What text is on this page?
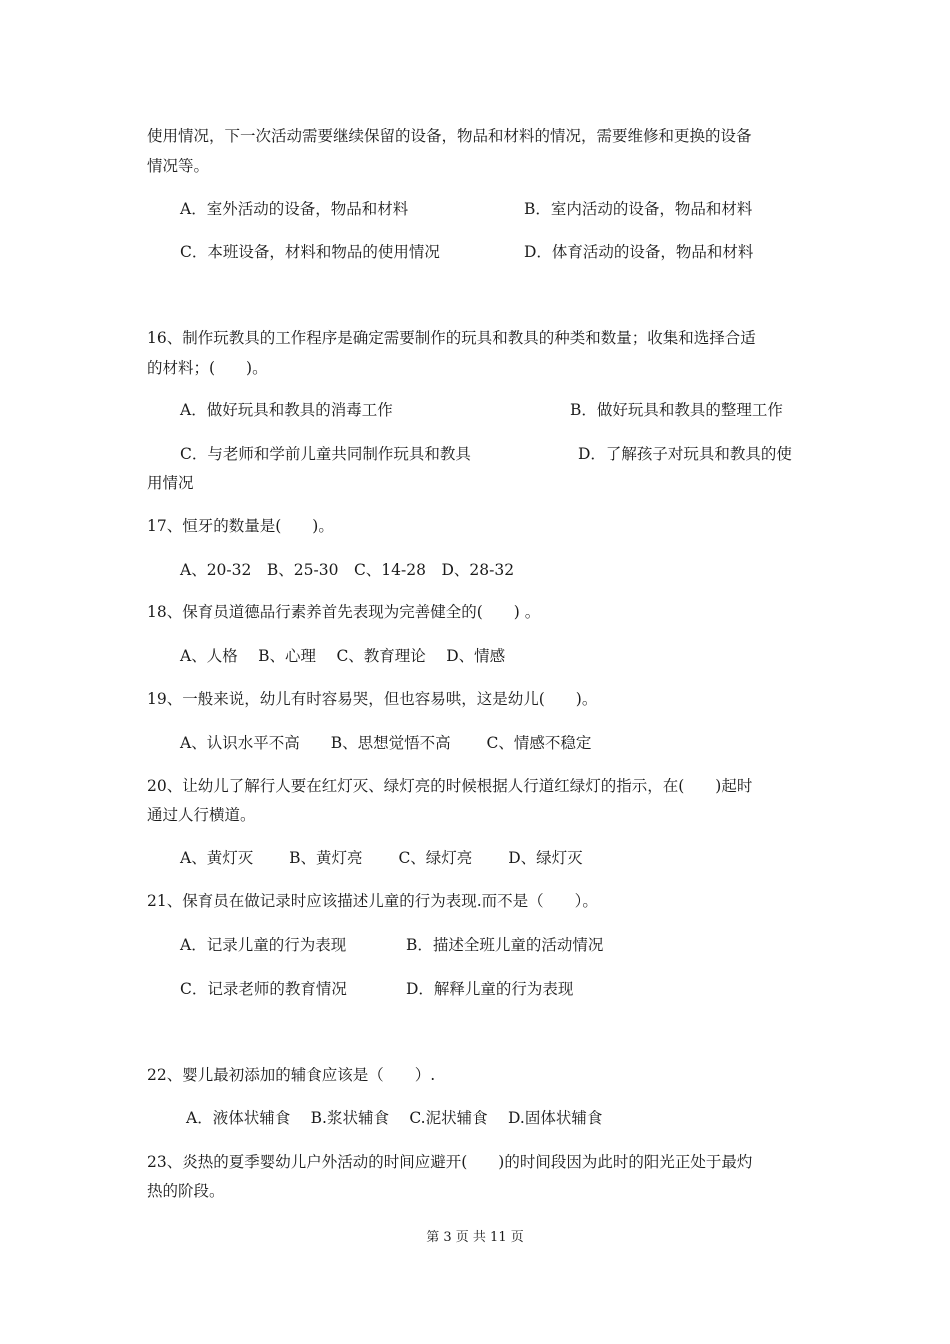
使用情况，下一次活动需要继续保留的设备，物品和材料的情况，需要维修和更换的设备
情况等。
A．室外活动的设备，物品和材料	B．室内活动的设备，物品和材料
C．本班设备，材料和物品的使用情况	D．体育活动的设备，物品和材料
16、制作玩教具的工作程序是确定需要制作的玩具和教具的种类和数量；收集和选择合适
的材料；(　　)。
A．做好玩具和教具的消毒工作	B．做好玩具和教具的整理工作
C．与老师和学前儿童共同制作玩具和教具	D．了解孩子对玩具和教具的使
用情况
17、恒牙的数量是(　　)。
A、20-32　B、25-30　C、14-28　D、28-32
18、保育员道德品行素养首先表现为完善健全的(　　) 。
A、人格　 B、心理　 C、教育理论　 D、情感
19、一般来说，幼儿有时容易哭，但也容易哄，这是幼儿(　　)。
A、认识水平不高　　B、思想觉悟不高　　 C、情感不稳定
20、让幼儿了解行人要在红灯灭、绿灯亮的时候根据人行道红绿灯的指示，在(　　)起时
通过人行横道。
A、黄灯灭　　 B、黄灯亮　　 C、绿灯亮　　 D、绿灯灭
21、保育员在做记录时应该描述儿童的行为表现.而不是（　　）。
A．记录儿童的行为表现	B．描述全班儿童的活动情况
C．记录老师的教育情况	D．解释儿童的行为表现
22、婴儿最初添加的辅食应该是（　　）.
A．液体状辅食　 B.浆状辅食　 C.泥状辅食　 D.固体状辅食
23、炎热的夏季婴幼儿户外活动的时间应避开(　　)的时间段因为此时的阳光正处于最灼
热的阶段。
第 3 页 共 11 页
